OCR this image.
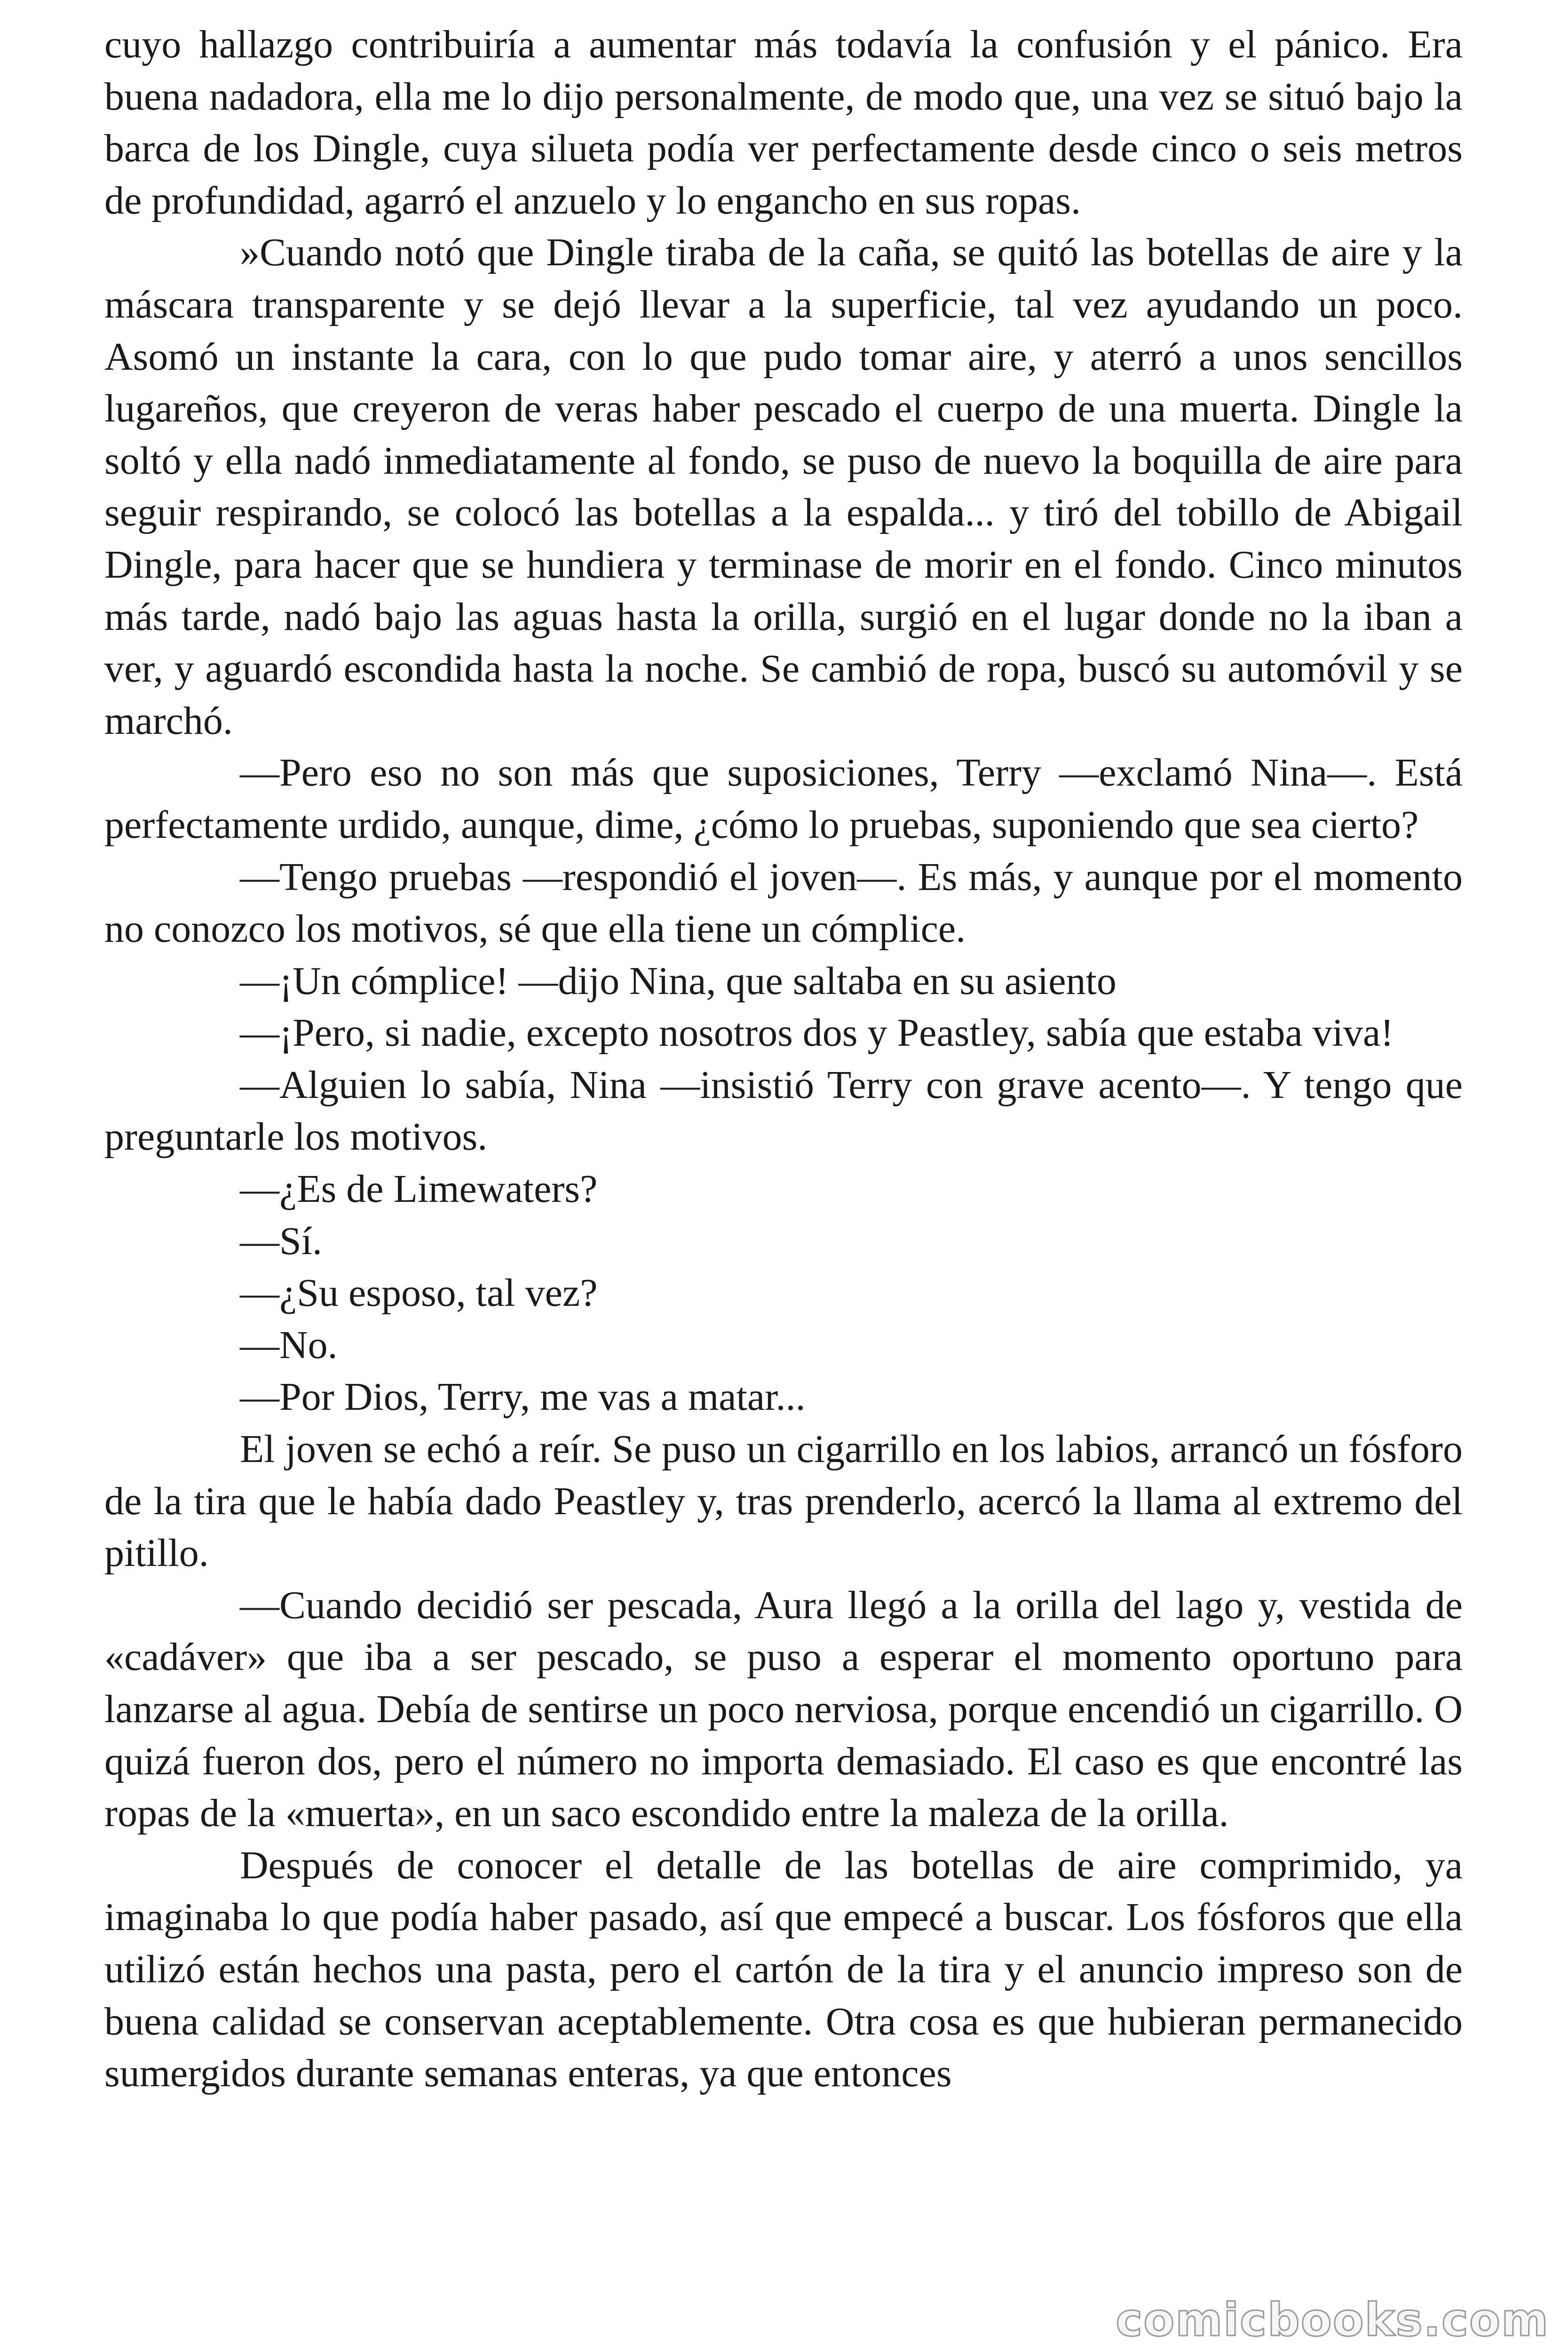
cuyo hallazgo contribuiría a aumentar más todavía la confusión y el pánico. Era buena nadadora, ella me lo dijo personalmente, de modo que, una vez se situó bajo la barca de los Dingle, cuya silueta podía ver perfectamente desde cinco o seis metros de profundidad, agarró el anzuelo y lo engancho en sus ropas.

»Cuando notó que Dingle tiraba de la caña, se quitó las botellas de aire y la máscara transparente y se dejó llevar a la superficie, tal vez ayudando un poco. Asomó un instante la cara, con lo que pudo tomar aire, y aterró a unos sencillos lugareños, que creyeron de veras haber pescado el cuerpo de una muerta. Dingle la soltó y ella nadó inmediatamente al fondo, se puso de nuevo la boquilla de aire para seguir respirando, se colocó las botellas a la espalda... y tiró del tobillo de Abigail Dingle, para hacer que se hundiera y terminase de morir en el fondo. Cinco minutos más tarde, nadó bajo las aguas hasta la orilla, surgió en el lugar donde no la iban a ver, y aguardó escondida hasta la noche. Se cambió de ropa, buscó su automóvil y se marchó.

—Pero eso no son más que suposiciones, Terry —exclamó Nina—. Está perfectamente urdido, aunque, dime, ¿cómo lo pruebas, suponiendo que sea cierto?

—Tengo pruebas —respondió el joven—. Es más, y aunque por el momento no conozco los motivos, sé que ella tiene un cómplice.

—¡Un cómplice! —dijo Nina, que saltaba en su asiento

—¡Pero, si nadie, excepto nosotros dos y Peastley, sabía que estaba viva!

—Alguien lo sabía, Nina —insistió Terry con grave acento—. Y tengo que preguntarle los motivos.

—¿Es de Limewaters?

—Sí.

—¿Su esposo, tal vez?

—No.

—Por Dios, Terry, me vas a matar...

El joven se echó a reír. Se puso un cigarrillo en los labios, arrancó un fósforo de la tira que le había dado Peastley y, tras prenderlo, acercó la llama al extremo del pitillo.

—Cuando decidió ser pescada, Aura llegó a la orilla del lago y, vestida de «cadáver» que iba a ser pescado, se puso a esperar el momento oportuno para lanzarse al agua. Debía de sentirse un poco nerviosa, porque encendió un cigarrillo. O quizá fueron dos, pero el número no importa demasiado. El caso es que encontré las ropas de la «muerta», en un saco escondido entre la maleza de la orilla.

Después de conocer el detalle de las botellas de aire comprimido, ya imaginaba lo que podía haber pasado, así que empecé a buscar. Los fósforos que ella utilizó están hechos una pasta, pero el cartón de la tira y el anuncio impreso son de buena calidad se conservan aceptablemente. Otra cosa es que hubieran permanecido sumergidos durante semanas enteras, ya que entonces

comicbooks.com
